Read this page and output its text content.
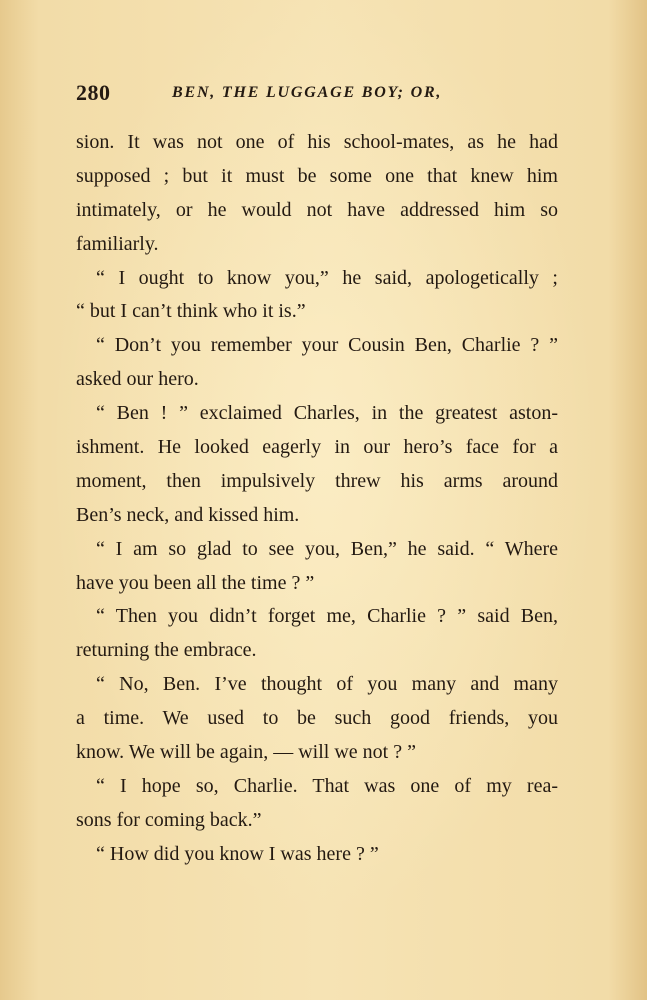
280	BEN, THE LUGGAGE BOY; OR,
sion. It was not one of his school-mates, as he had
supposed ; but it must be some one that knew him
intimately, or he would not have addressed him so
familiarly.
“ I ought to know you,” he said, apologetically ;
“ but I can’t think who it is.”
“ Don’t you remember your Cousin Ben, Charlie ? ”
asked our hero.
“ Ben ! ” exclaimed Charles, in the greatest aston-
ishment. He looked eagerly in our hero’s face for a
moment, then impulsively threw his arms around
Ben’s neck, and kissed him.
“ I am so glad to see you, Ben,” he said. “ Where
have you been all the time ? ”
“ Then you didn’t forget me, Charlie ? ” said Ben,
returning the embrace.
“ No, Ben. I’ve thought of you many and many
a time. We used to be such good friends, you
know. We will be again, — will we not ? ”
“ I hope so, Charlie. That was one of my rea-
sons for coming back.”
“ How did you know I was here ? ”
